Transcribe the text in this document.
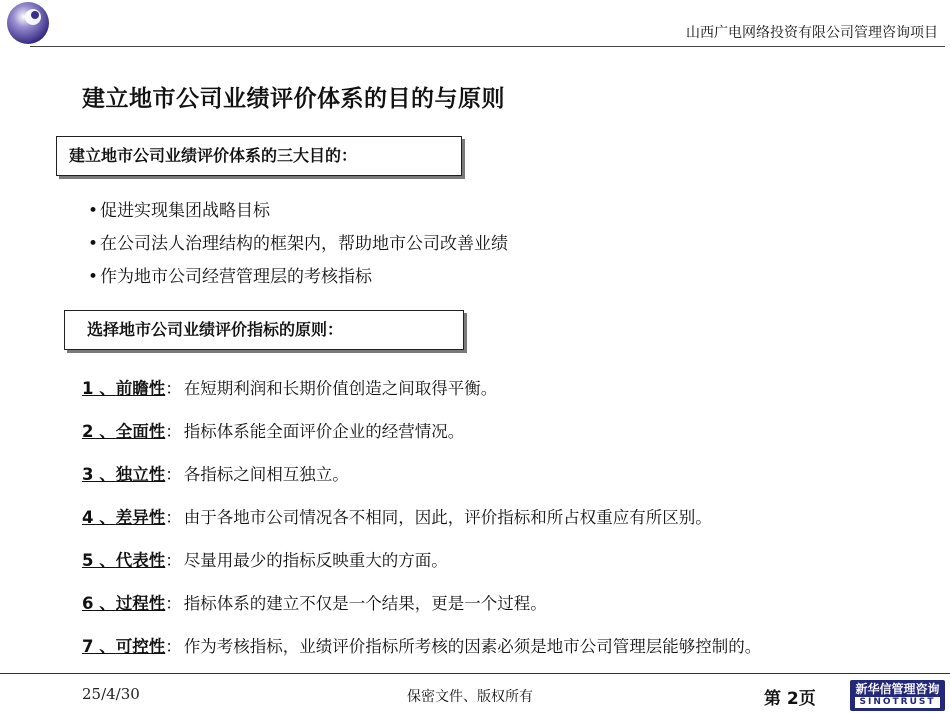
山西广电网络投资有限公司管理咨询项目
建立地市公司业绩评价体系的目的与原则
建立地市公司业绩评价体系的三大目的：
• 促进实现集团战略目标
• 在公司法人治理结构的框架内，帮助地市公司改善业绩
• 作为地市公司经营管理层的考核指标
选择地市公司业绩评价指标的原则：
1 、前瞻性： 在短期利润和长期价值创造之间取得平衡。
2 、全面性： 指标体系能全面评价企业的经营情况。
3 、独立性： 各指标之间相互独立。
4 、差异性： 由于各地市公司情况各不相同，因此，评价指标和所占权重应有所区别。
5 、代表性： 尽量用最少的指标反映重大的方面。
6 、过程性： 指标体系的建立不仅是一个结果，更是一个过程。
7 、可控性： 作为考核指标，业绩评价指标所考核的因素必须是地市公司管理层能够控制的。
25/4/30	保密文件、版权所有	第 2页	新华信管理咨询
SINOTRUST
